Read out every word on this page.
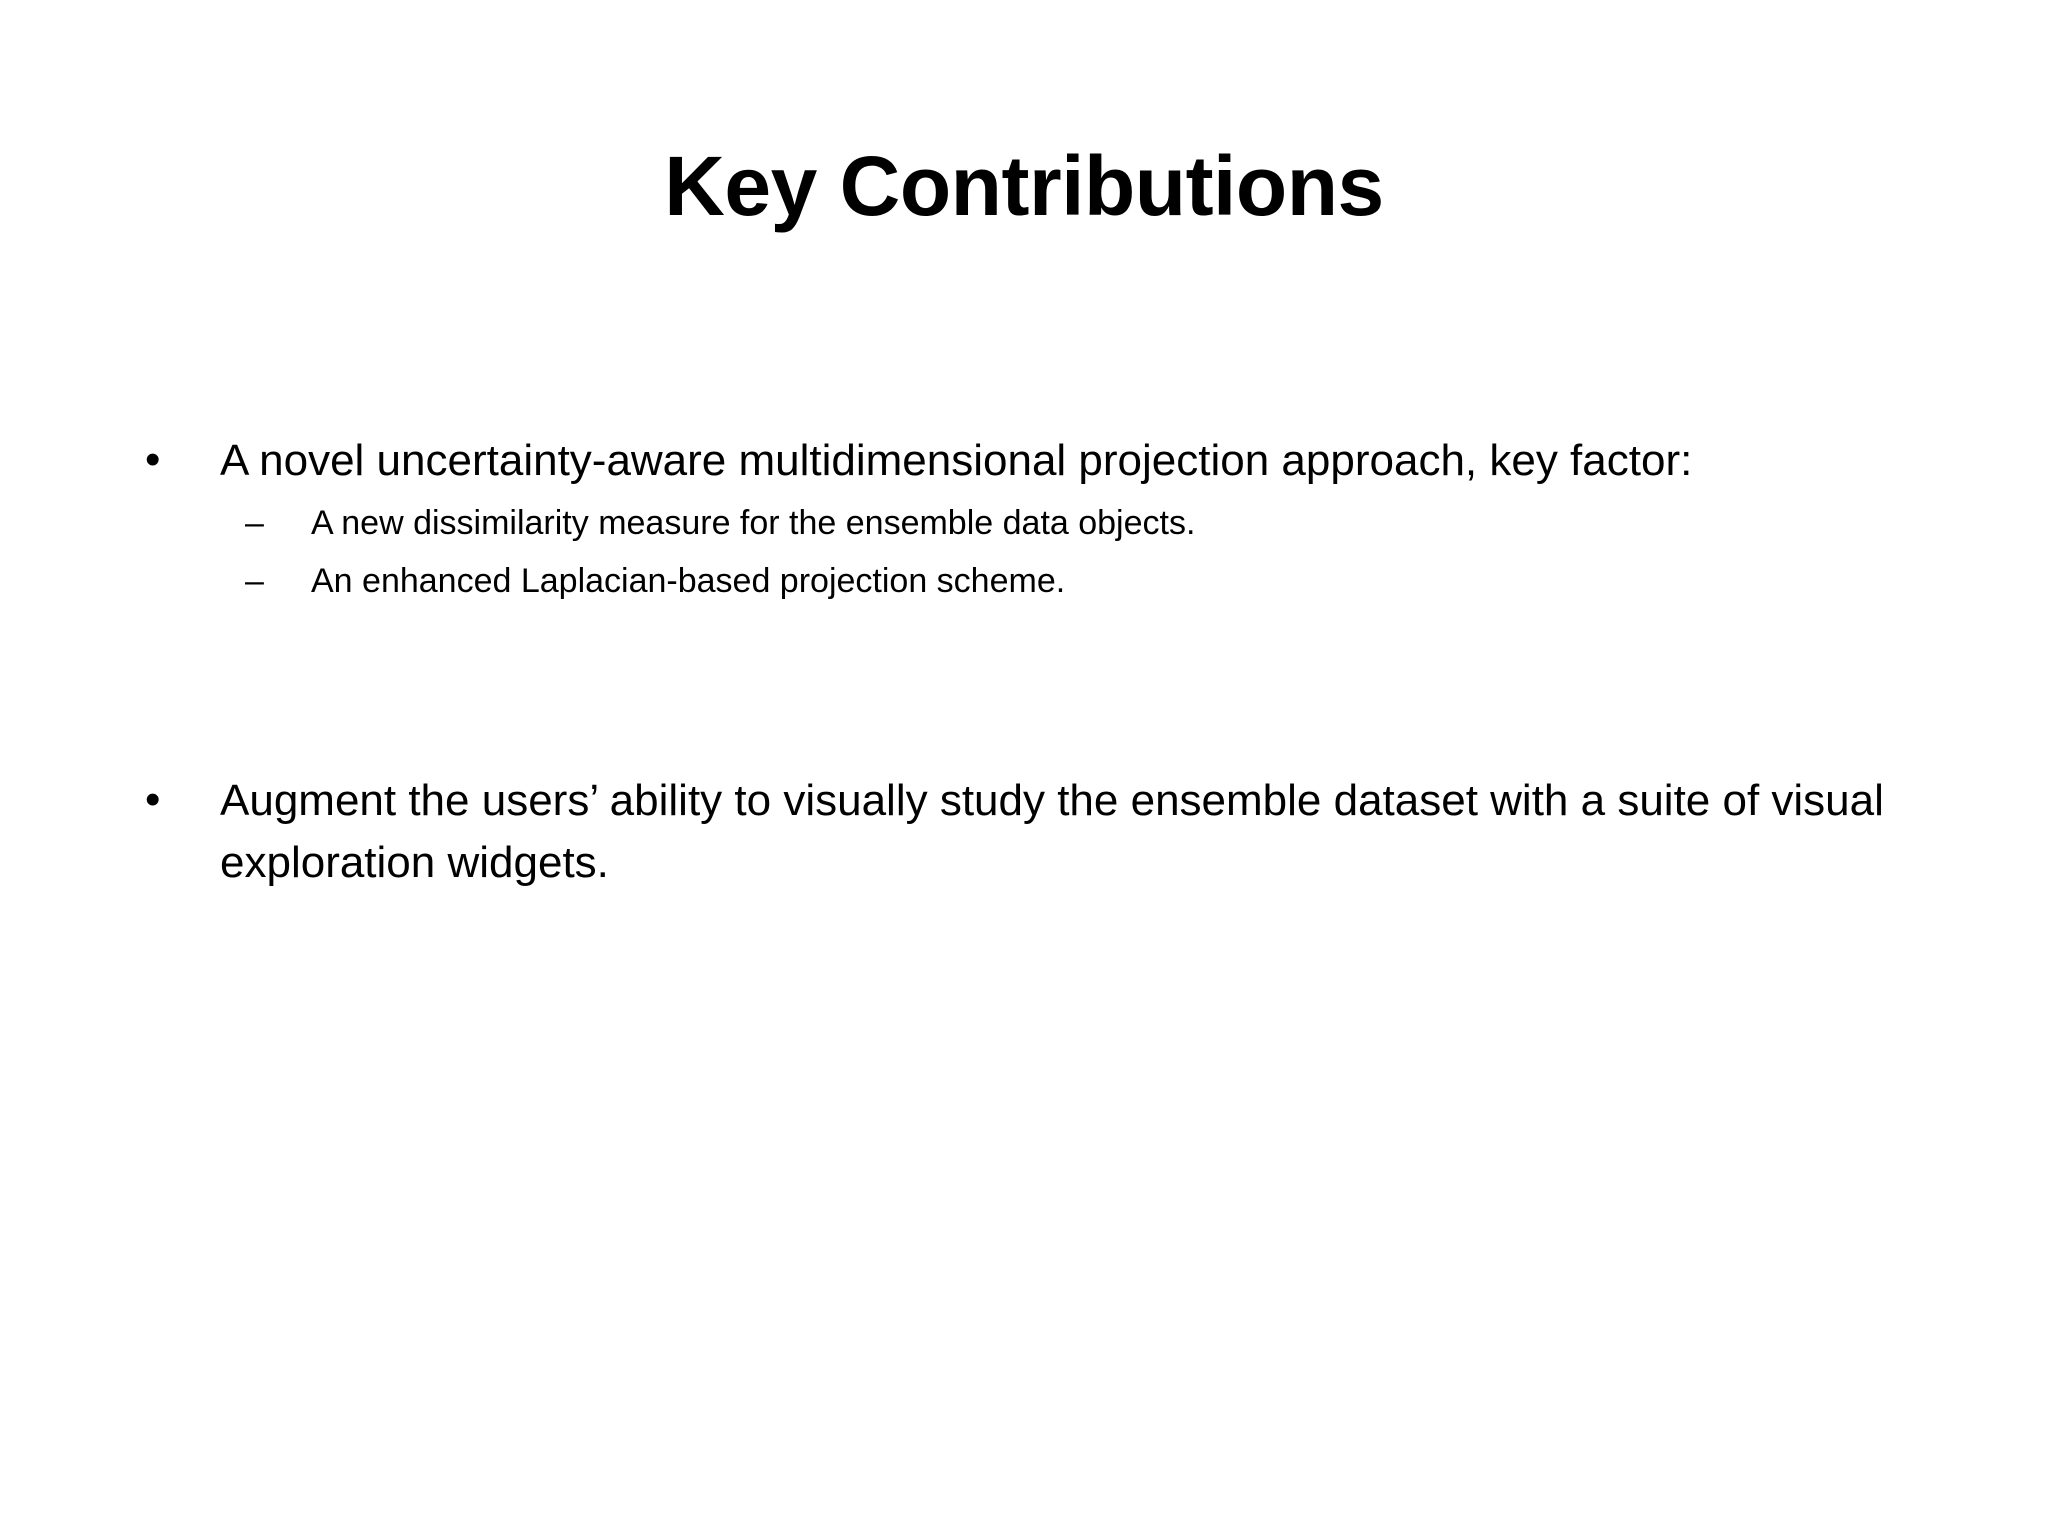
Key Contributions
• A novel uncertainty-aware multidimensional projection approach, key factor:
– A new dissimilarity measure for the ensemble data objects.
– An enhanced Laplacian-based projection scheme.
• Augment the users’ ability to visually study the ensemble dataset with a suite of visual exploration widgets.
